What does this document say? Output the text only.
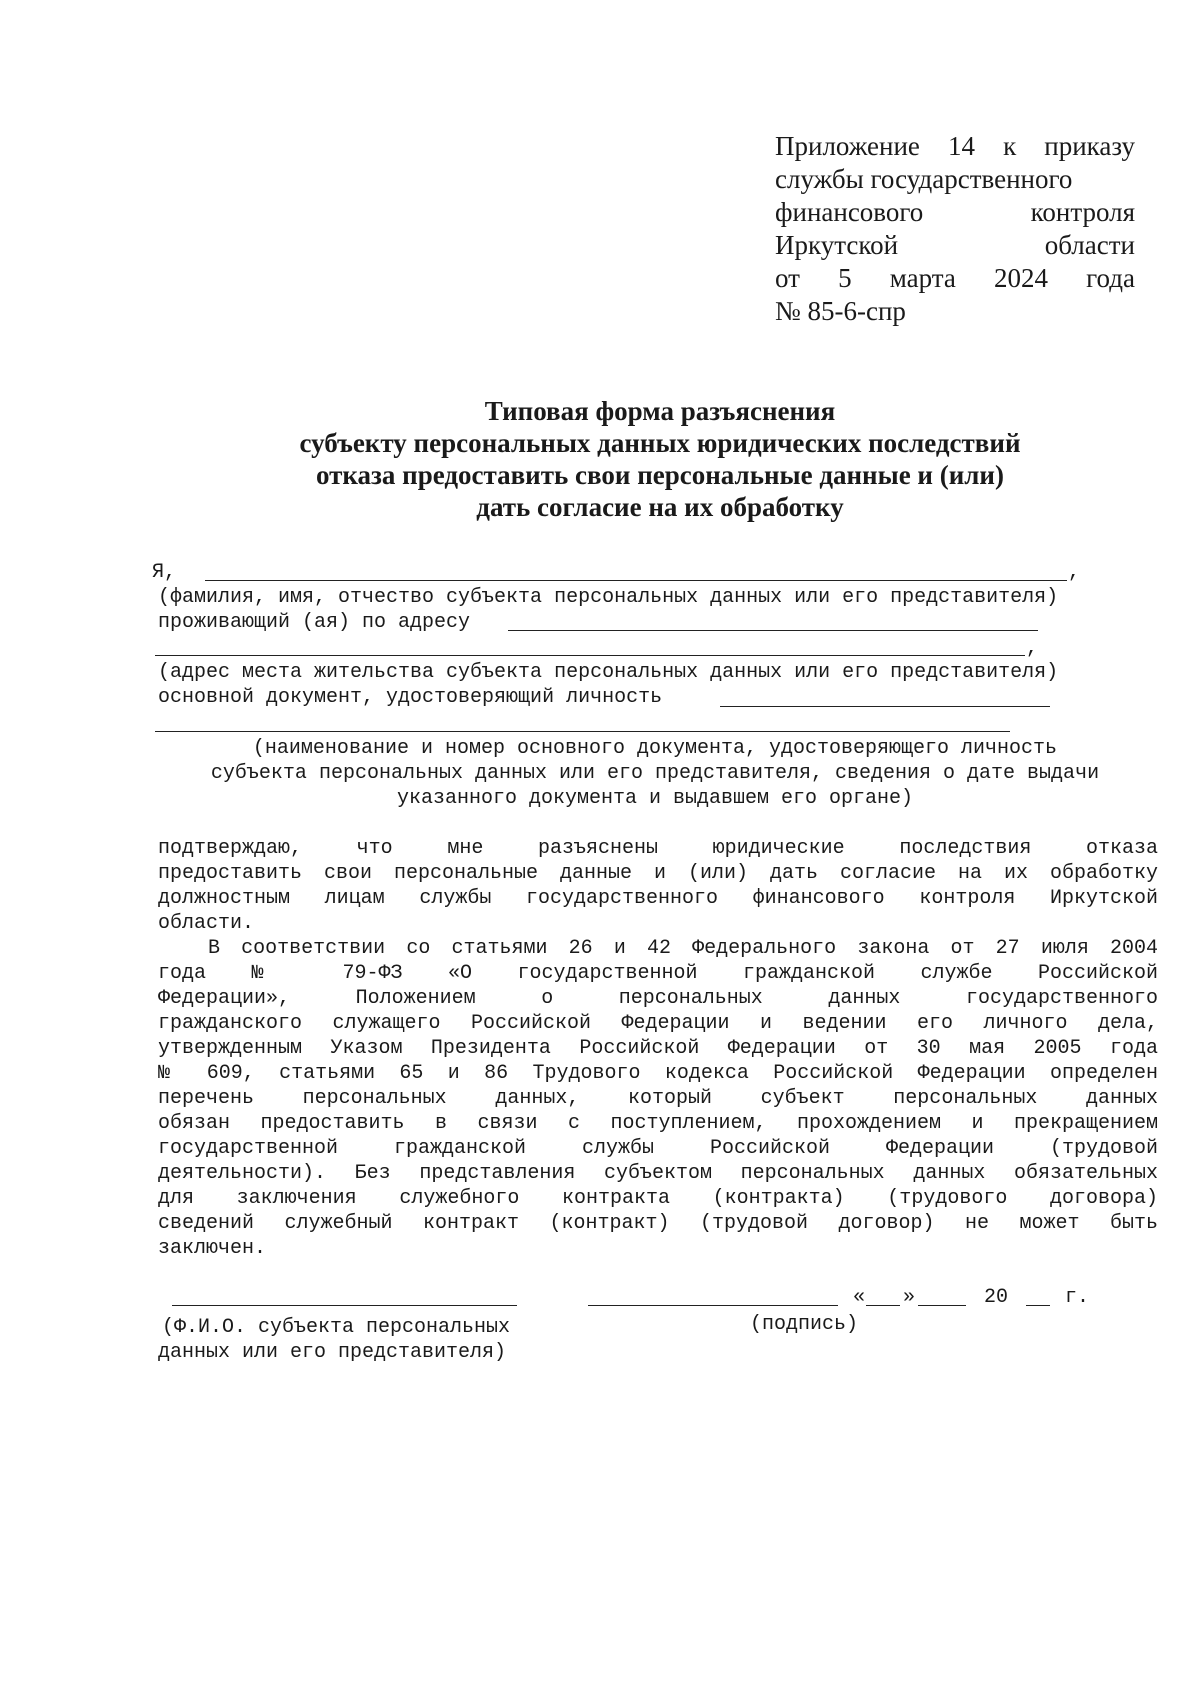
Приложение 14 к приказу
службы государственного
финансового	контроля
Иркутской	области
от 5 марта 2024 года
№ 85-6-спр
Типовая форма разъяснения
субъекту персональных данных юридических последствий
отказа предоставить свои персональные данные и (или)
дать согласие на их обработку
Я,	,
(фамилия, имя, отчество субъекта персональных данных или его представителя)
проживающий (ая) по адресу
,
(адрес места жительства субъекта персональных данных или его представителя)
основной документ, удостоверяющий личность
(наименование и номер основного документа, удостоверяющего личность
субъекта персональных данных или его представителя, сведения о дате выдачи
указанного документа и выдавшем его органе)
подтверждаю, что мне разъяснены юридические последствия отказа
предоставить свои персональные данные и (или) дать согласие на их обработку
должностным лицам службы государственного финансового контроля Иркутской
области.
В соответствии со статьями 26 и 42 Федерального закона от 27 июля 2004
года № 79-ФЗ «О государственной гражданской службе Российской
Федерации», Положением о персональных данных государственного
гражданского служащего Российской Федерации и ведении его личного дела,
утвержденным Указом Президента Российской Федерации от 30 мая 2005 года
№ 609, статьями 65 и 86 Трудового кодекса Российской Федерации определен
перечень персональных данных, который субъект персональных данных
обязан предоставить в связи с поступлением, прохождением и прекращением
государственной гражданской службы Российской Федерации (трудовой
деятельности). Без представления субъектом персональных данных обязательных
для заключения служебного контракта (контракта) (трудового договора)
сведений служебный контракт (контракт) (трудовой договор) не может быть
заключен.
« »	20	г.
(Ф.И.О. субъекта персональных
данных или его представителя)
(подпись)
